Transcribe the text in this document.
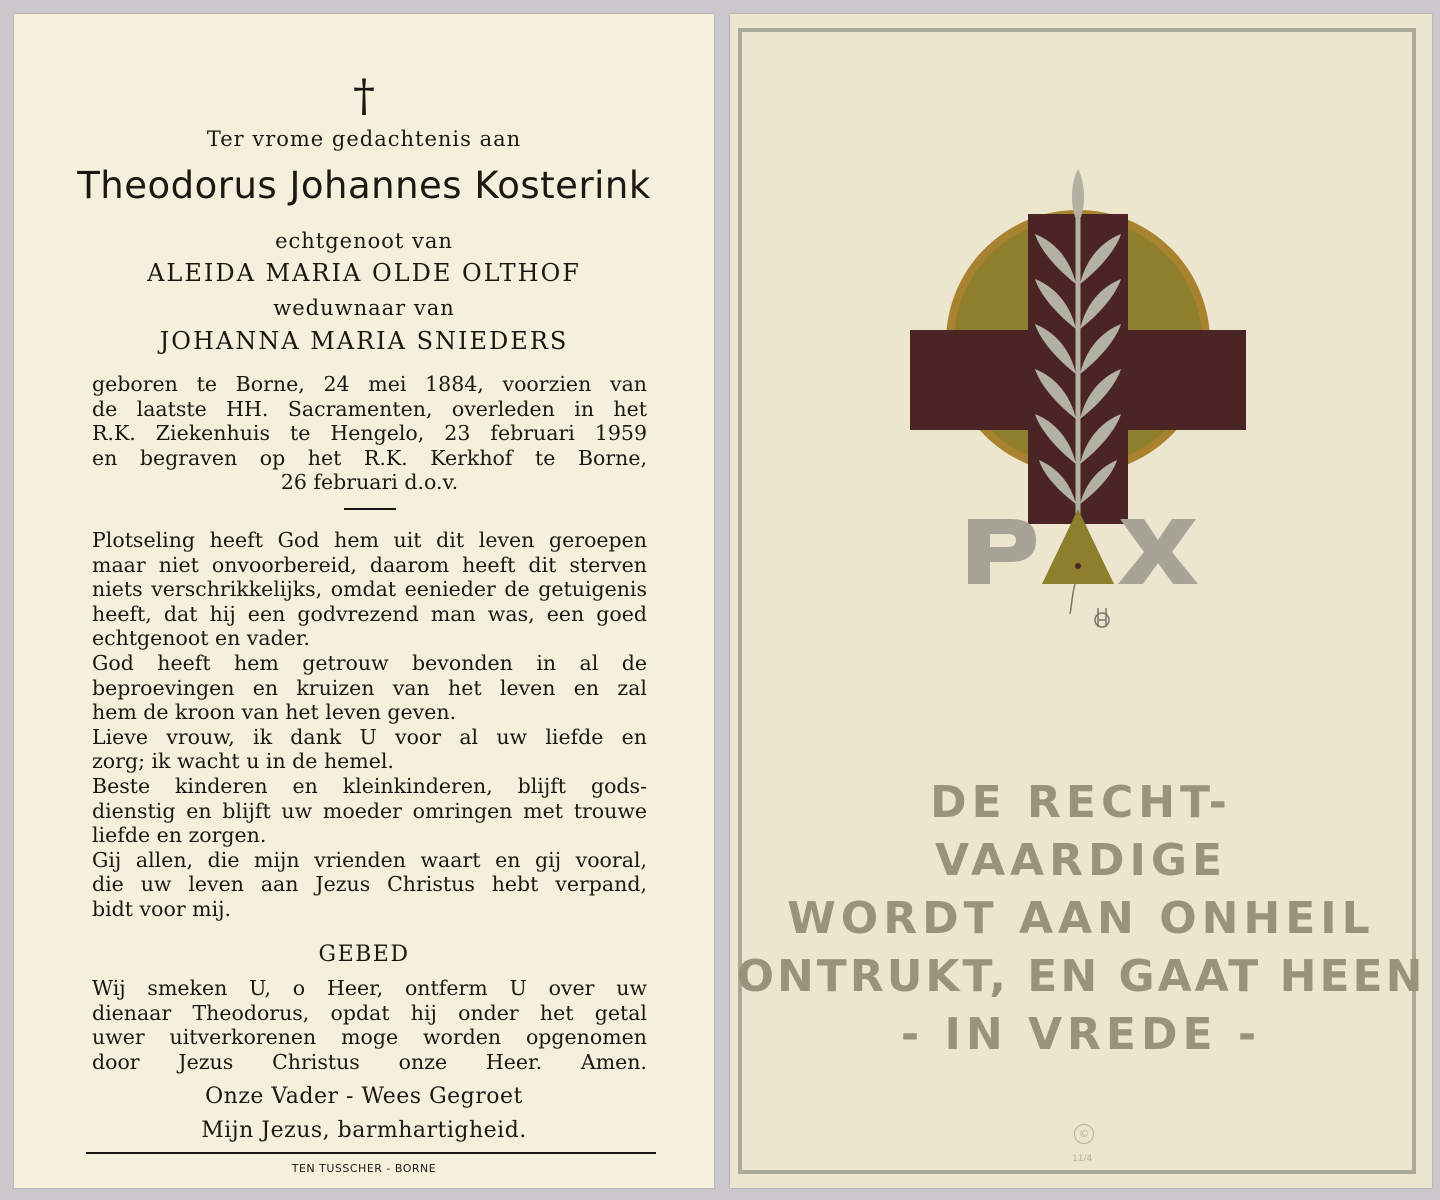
†
Ter vrome gedachtenis aan
Theodorus Johannes Kosterink
echtgenoot van
ALEIDA MARIA OLDE OLTHOF
weduwnaar van
JOHANNA MARIA SNIEDERS
geboren te Borne, 24 mei 1884, voorzien van
de laatste HH. Sacramenten, overleden in het
R.K. Ziekenhuis te Hengelo, 23 februari 1959
en begraven op het R.K. Kerkhof te Borne,
26 februari d.o.v.
Plotseling heeft God hem uit dit leven geroepen
maar niet onvoorbereid, daarom heeft dit sterven
niets verschrikkelijks, omdat eenieder de getuigenis
heeft, dat hij een godvrezend man was, een goed
echtgenoot en vader.
God heeft hem getrouw bevonden in al de
beproevingen en kruizen van het leven en zal
hem de kroon van het leven geven.
Lieve vrouw, ik dank U voor al uw liefde en
zorg; ik wacht u in de hemel.
Beste kinderen en kleinkinderen, blijft gods-
dienstig en blijft uw moeder omringen met trouwe
liefde en zorgen.
Gij allen, die mijn vrienden waart en gij vooral,
die uw leven aan Jezus Christus hebt verpand,
bidt voor mij.
GEBED
Wij smeken U, o Heer, ontferm U over uw
dienaar Theodorus, opdat hij onder het getal
uwer uitverkorenen moge worden opgenomen
door Jezus Christus onze Heer. Amen.
Onze Vader - Wees Gegroet
Mijn Jezus, barmhartigheid.
TEN TUSSCHER - BORNE
DE RECHT-
VAARDIGE
WORDT AAN ONHEIL
ONTRUKT, EN GAAT HEEN
- IN VREDE -
©
11/4
